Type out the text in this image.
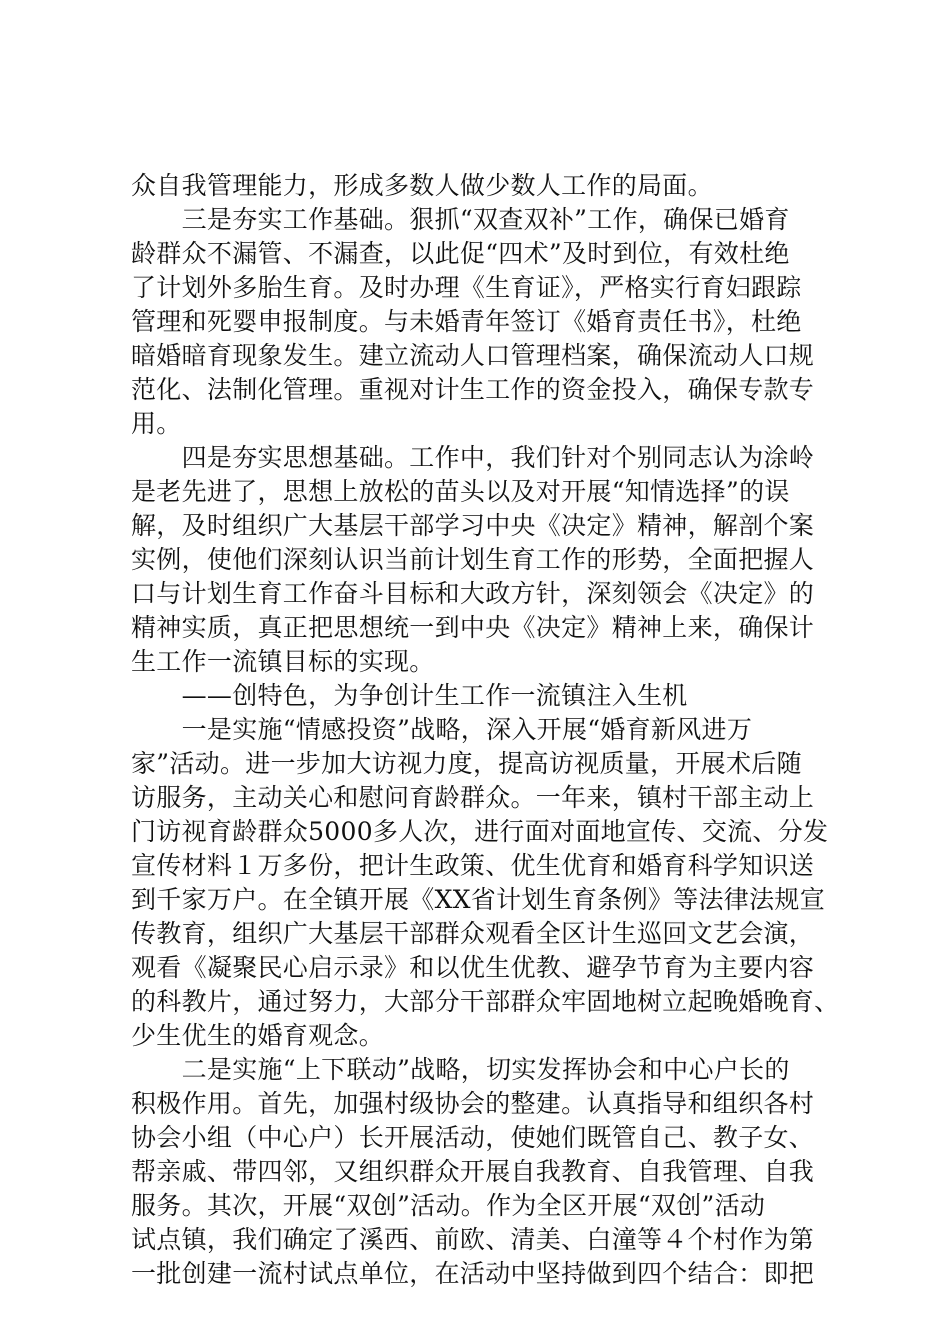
众自我管理能力，形成多数人做少数人工作的局面。
　　三是夯实工作基础。狠抓“双查双补”工作，确保已婚育
龄群众不漏管、不漏查，以此促“四术”及时到位，有效杜绝
了计划外多胎生育。及时办理《生育证》，严格实行育妇跟踪
管理和死婴申报制度。与未婚青年签订《婚育责任书》，杜绝
暗婚暗育现象发生。建立流动人口管理档案，确保流动人口规
范化、法制化管理。重视对计生工作的资金投入，确保专款专
用。
　　四是夯实思想基础。工作中，我们针对个别同志认为涂岭
是老先进了，思想上放松的苗头以及对开展“知情选择”的误
解，及时组织广大基层干部学习中央《决定》精神，解剖个案
实例，使他们深刻认识当前计划生育工作的形势，全面把握人
口与计划生育工作奋斗目标和大政方针，深刻领会《决定》的
精神实质，真正把思想统一到中央《决定》精神上来，确保计
生工作一流镇目标的实现。
　　——创特色，为争创计生工作一流镇注入生机
　　一是实施“情感投资”战略，深入开展“婚育新风进万
家”活动。进一步加大访视力度，提高访视质量，开展术后随
访服务，主动关心和慰问育龄群众。一年来，镇村干部主动上
门访视育龄群众5000多人次，进行面对面地宣传、交流、分发
宣传材料１万多份，把计生政策、优生优育和婚育科学知识送
到千家万户。在全镇开展《XX省计划生育条例》等法律法规宣
传教育，组织广大基层干部群众观看全区计生巡回文艺会演，
观看《凝聚民心启示录》和以优生优教、避孕节育为主要内容
的科教片，通过努力，大部分干部群众牢固地树立起晚婚晚育、
少生优生的婚育观念。
　　二是实施“上下联动”战略，切实发挥协会和中心户长的
积极作用。首先，加强村级协会的整建。认真指导和组织各村
协会小组（中心户）长开展活动，使她们既管自己、教子女、
帮亲戚、带四邻，又组织群众开展自我教育、自我管理、自我
服务。其次，开展“双创”活动。作为全区开展“双创”活动
试点镇，我们确定了溪西、前欧、清美、白潼等４个村作为第
一批创建一流村试点单位，在活动中坚持做到四个结合：即把
